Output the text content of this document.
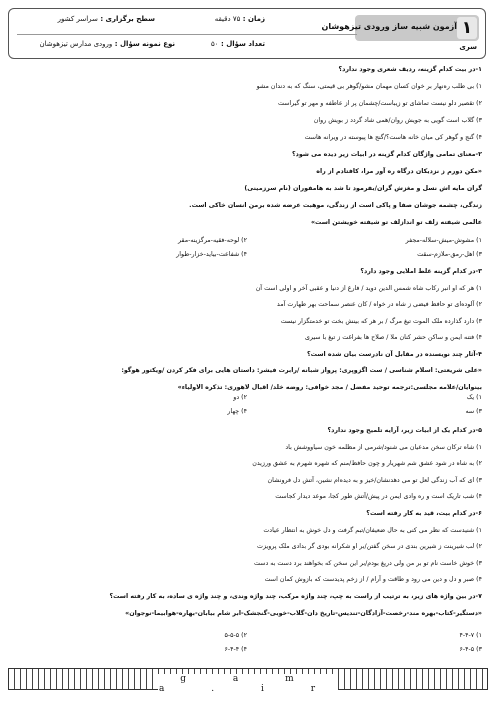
آزمون شبیه ساز ورودی تیزهوشان ۱
سری
زمان : ۷۵ دقیقه
سطح برگزاری : سراسر کشور
تعداد سؤال : ۵۰
نوع نمونه سؤال : ورودی مدارس تیزهوشان
۱-در بیت کدام گزینه، ردیف شعری وجود ندارد؟
۱) بی طلب ره‌نهار بر خوان کسان مهمان مشو/گوهر بی قیمتی، سنگ که به دندان مشو
۲) تقصیر دلو نیست تماشای تو زیباست/چشمان پر از عاطفه و مهر تو گیراست
۳) گلاب است گویی به جویش روان/همی شاد گردد ز بویش روان
۴) گنج و گوهر کی میان خانه هاست؟/گنج ها پیوسته در ویرانه هاست
۲-معنای تمامی واژگان کدام گزینه در ابیات زیر دیده می شود؟
«مکن دورم ز نزدیکان درگاه ره آور مرا، کافتادم از راه
گران مایه اش نسل و مغزش گران/بفرمود تا شد به هامفوران (نام سرزمینی)
زندگی، چشمه جوشان صفا و پاکی است از زندگی، موهبت عرضه شده برمن انسان خاکی است.
عالمی شیفته زلف تو اندازلف تو شیفته خویشتن است»
۱) مشوش-میش-سلاله-مجفر
۲) لوحه-فقیه-مرگزینه-مقر
۳) اهل-رمق-ملازم-سقت
۴) شفاعت-بیاید-خزار-طوار
۳-در کدام گزینه غلط املایی وجود دارد؟
۱) هر که او انبر رکاب شاه شمس الدین دوید / فارغ از دنیا و عقبی آخر و اولی است آن
۲) آلوده‌ای تو حافظ فیضی ز شاه در خواه / کان عنصر سماحت بهر طهارت آمد
۳) دارد گذارده ملک الموت تیغ مرگ / بر هر که بینش بخت تو خدمتگزار نیست
۴) فتنه ایمن و ساکن حشر کنان ملا / صلاح ها بفراغت ز تیغ با سیری
۴-آثار چند نویسنده در مقابل آن نادرست بیان شده است؟
«علی شریعتی: اسلام شناسی / ست اگزوپری: پرواز شبانه /رابرت فیشر: داستان هایی برای فکر کردن /ویکتور هوگو:
بینوایان/علامه مجلسی:ترجمه توحید مفضل / مجد خوافی: روضه خلد/ اقبال لاهوری: تذکره الاولیاء»
۱) یک
۲) دو
۳) سه
۴) چهار
۵-در کدام یک از ابیات زیر، آرایه تلمیح وجود ندارد؟
۱) شاه ترکان سخن مدعیان می شنود/شرمی از مظلمه خون سیاووشش باد
۲) به شاه در شود عشق شم شهریار و چون حافظ/منم که شهره شهرم به عشق ورزیدن
۳) ای که آب زندگی لعل تو می دهدنشان/خیز و به دیده‌ام نشین، آتش دل فرونشان
۴) شب تاریک است و ره وادی ایمن در پیش/آتش طور کجا، موعد دیدار کجاست
۶-در کدام بیت، قید به کار رفته است؟
۱) شنیدست که نظر می کنی به حال ضعیفان/تبم گرفت و دل خوش به انتظار عیادت
۲) لب شیرینت ز شیرین بندی در سخن گفتن/بر او شکرانه بودی گر بدادی ملک پرویزت
۳) خوش خاست نام تو بر من ولی دریغ بودم/بر این سخن که بخواهند برد دست به دست
۴) صبر و دل و دین می رود و طاقت و آرام / از زخم پدیدست که بازوش کمان است
۷-در بین واژه های زیر، به ترتیب از راست به چپ، چند واژه مرکب، چند واژه وندی، و چند واژه ی ساده، به کار رفته است؟
«دستگیر-کتاب-بهره مند-رخصت-آزادگان-تندیس-تاریخ دان-گلاب-خوبی-گنجشک-ابر شام بیابان-بهاره-هوابیما-نوجوان»
۱) ۴-۴-۷
۲) ۵-۵-۵
۳) ۶-۴-۵
۴) ۶-۴-۴
g a m a . i r
